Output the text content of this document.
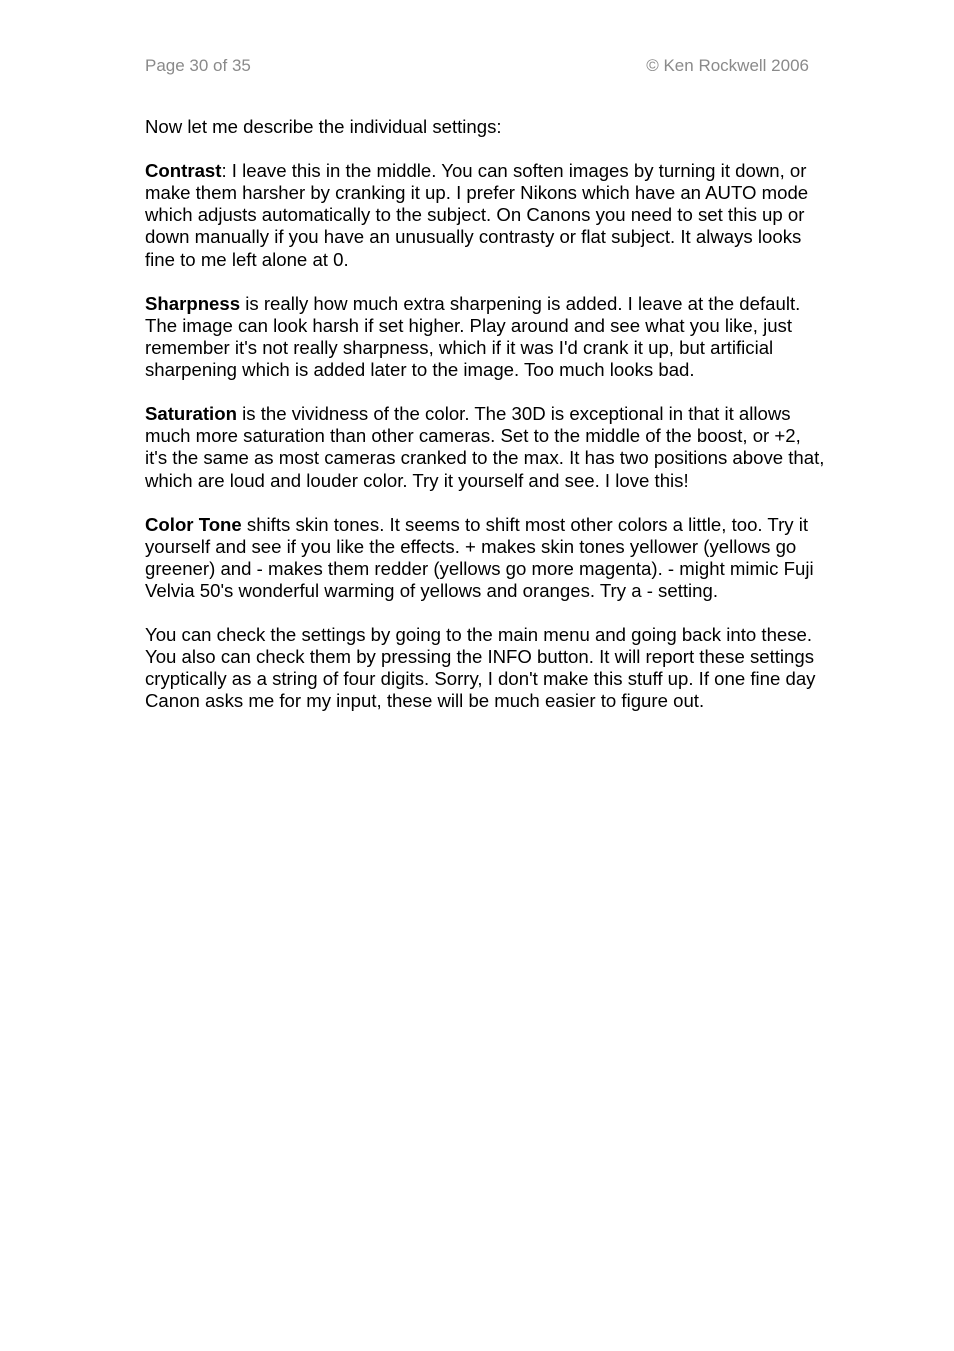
Page 30 of 35	© Ken Rockwell 2006

Now let me describe the individual settings:

Contrast: I leave this in the middle. You can soften images by turning it down, or make them harsher by cranking it up. I prefer Nikons which have an AUTO mode which adjusts automatically to the subject. On Canons you need to set this up or down manually if you have an unusually contrasty or flat subject. It always looks fine to me left alone at 0.

Sharpness is really how much extra sharpening is added. I leave at the default. The image can look harsh if set higher. Play around and see what you like, just remember it's not really sharpness, which if it was I'd crank it up, but artificial sharpening which is added later to the image. Too much looks bad.

Saturation is the vividness of the color. The 30D is exceptional in that it allows much more saturation than other cameras. Set to the middle of the boost, or +2, it's the same as most cameras cranked to the max. It has two positions above that, which are loud and louder color. Try it yourself and see. I love this!

Color Tone shifts skin tones. It seems to shift most other colors a little, too. Try it yourself and see if you like the effects. + makes skin tones yellower (yellows go greener) and - makes them redder (yellows go more magenta). - might mimic Fuji Velvia 50's wonderful warming of yellows and oranges. Try a - setting.

You can check the settings by going to the main menu and going back into these. You also can check them by pressing the INFO button. It will report these settings cryptically as a string of four digits. Sorry, I don't make this stuff up. If one fine day Canon asks me for my input, these will be much easier to figure out.
